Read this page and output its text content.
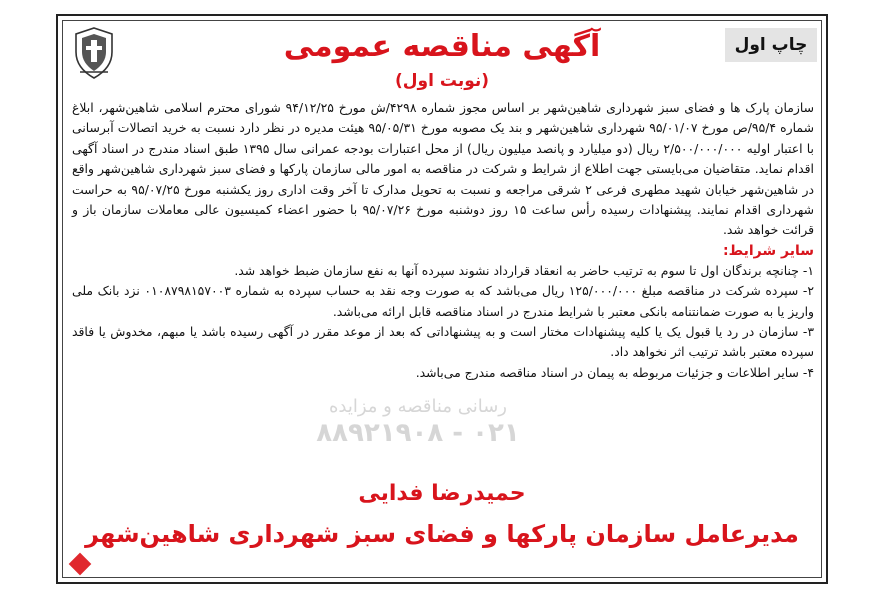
چاپ اول
آگهی مناقصه عمومی
(نوبت اول)

سازمان پارک ها و فضای سبز شهرداری شاهین‌شهر بر اساس مجوز شماره ۴۲۹۸/ش مورخ ۹۴/۱۲/۲۵ شورای محترم اسلامی شاهین‌شهر، ابلاغ شماره ۹۵/۴/ص مورخ ۹۵/۰۱/۰۷ شهرداری شاهین‌شهر و بند یک مصوبه مورخ ۹۵/۰۵/۳۱ هیئت مدیره در نظر دارد نسبت به خرید اتصالات آبرسانی با اعتبار اولیه ۲/۵۰۰/۰۰۰/۰۰۰ ریال (دو میلیارد و پانصد میلیون ریال) از محل اعتبارات بودجه عمرانی سال ۱۳۹۵ طبق اسناد مندرج در اسناد آگهی اقدام نماید. متقاضیان می‌بایستی جهت اطلاع از شرایط و شرکت در مناقصه به امور مالی سازمان پارکها و فضای سبز شهرداری شاهین‌شهر واقع در شاهین‌شهر خیابان شهید مطهری فرعی ۲ شرقی مراجعه و نسبت به تحویل مدارک تا آخر وقت اداری روز یکشنبه مورخ ۹۵/۰۷/۲۵ به حراست شهرداری اقدام نمایند. پیشنهادات رسیده رأس ساعت ۱۵ روز دوشنبه مورخ ۹۵/۰۷/۲۶ با حضور اعضاء کمیسیون عالی معاملات سازمان باز و قرائت خواهد شد.

سایر شرایط:

۱- چنانچه برندگان اول تا سوم به ترتیب حاضر به انعقاد قرارداد نشوند سپرده آنها به نفع سازمان ضبط خواهد شد.

۲- سپرده شرکت در مناقصه مبلغ ۱۲۵/۰۰۰/۰۰۰ ریال می‌باشد که به صورت وجه نقد به حساب سپرده به شماره ۰۱۰۸۷۹۸۱۵۷۰۰۳ نزد بانک ملی واریز یا به صورت ضمانتنامه بانکی معتبر با شرایط مندرج در اسناد مناقصه قابل ارائه می‌باشد.

۳- سازمان در رد یا قبول یک یا کلیه پیشنهادات مختار است و به پیشنهاداتی که بعد از موعد مقرر در آگهی رسیده باشد یا مبهم، مخدوش یا فاقد سپرده معتبر باشد ترتیب اثر نخواهد داد.

۴- سایر اطلاعات و جزئیات مربوطه به پیمان در اسناد مناقصه مندرج می‌باشد.

رسانی مناقصه و مزایده
۰۲۱ - ۸۸۹۲۱۹۰۸
حمیدرضا فدایی
مدیرعامل سازمان پارکها و فضای سبز شهرداری شاهین‌شهر
